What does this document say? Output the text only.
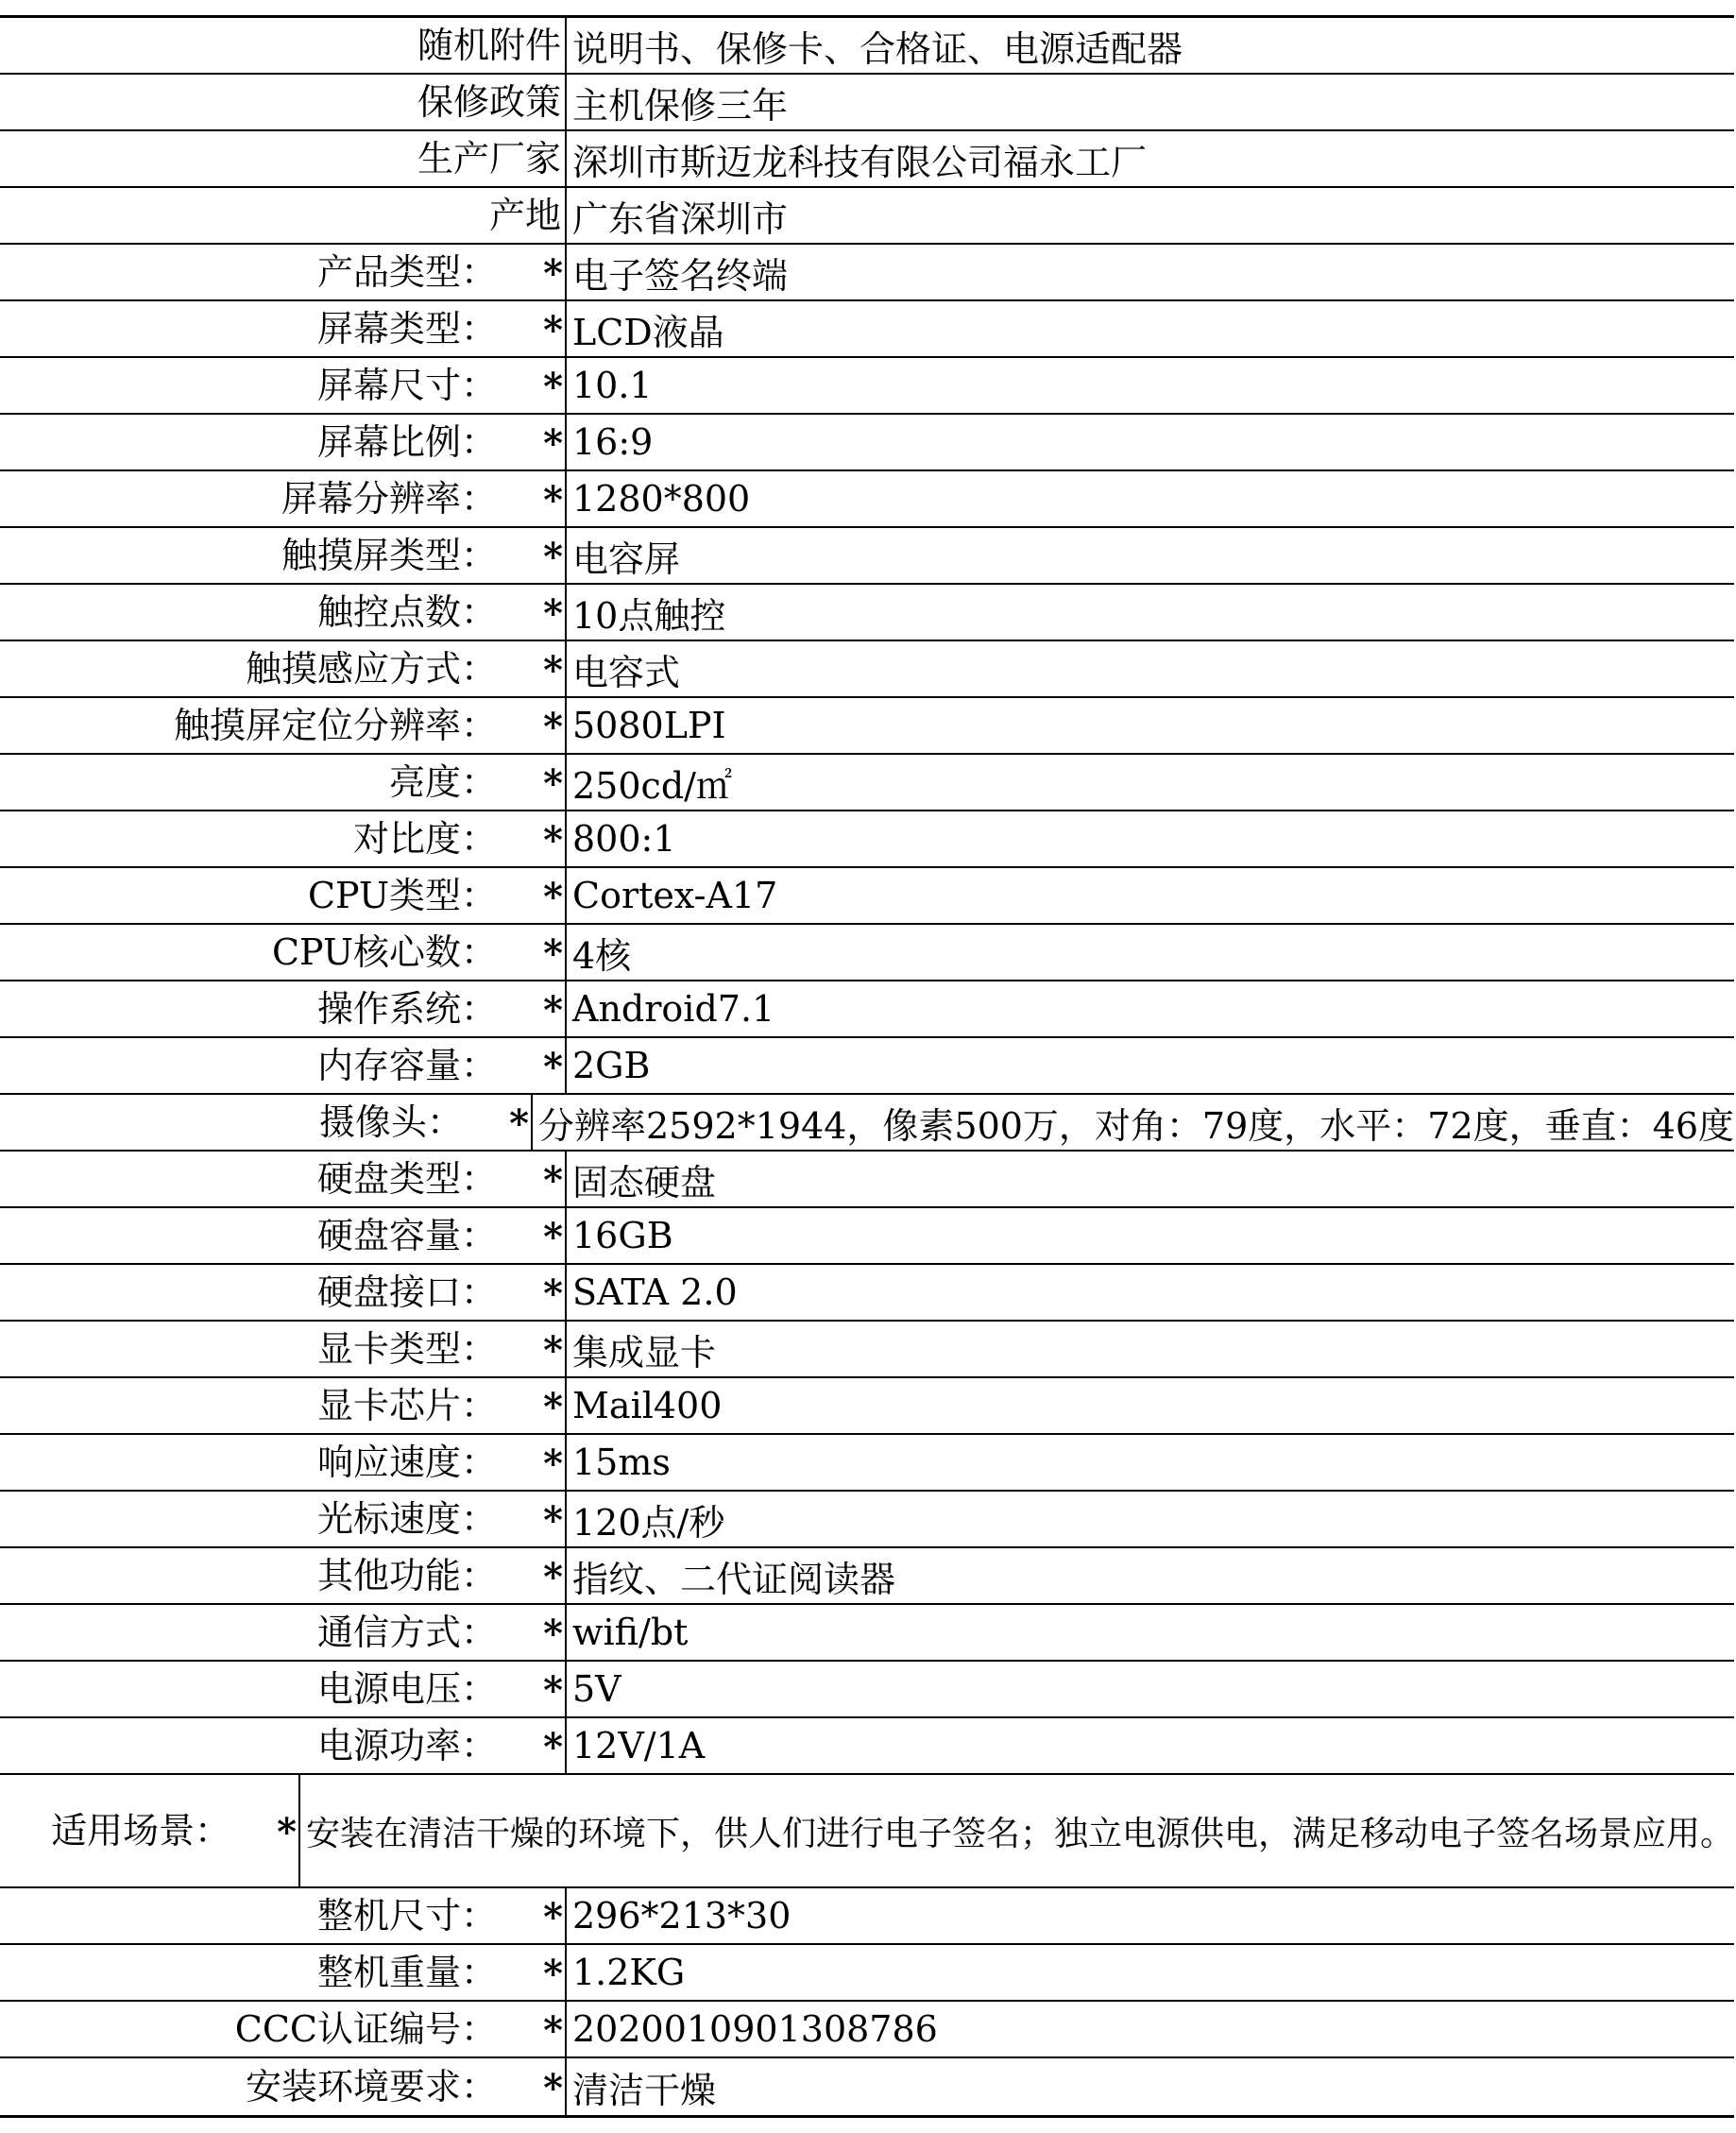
随机附件 说明书、保修卡、合格证、电源适配器
保修政策 主机保修三年
生产厂家 深圳市斯迈龙科技有限公司福永工厂
产地 广东省深圳市
产品类型： * 电子签名终端
屏幕类型： * LCD液晶
屏幕尺寸： * 10.1
屏幕比例： * 16:9
屏幕分辨率： * 1280*800
触摸屏类型： * 电容屏
触控点数： * 10点触控
触摸感应方式： * 电容式
触摸屏定位分辨率： * 5080LPI
亮度： * 250cd/㎡
对比度： * 800:1
CPU类型： * Cortex-A17
CPU核心数： * 4核
操作系统： * Android7.1
内存容量： * 2GB
摄像头： * 分辨率2592*1944，像素500万，对角：79度，水平：72度，垂直：46度
硬盘类型： * 固态硬盘
硬盘容量： * 16GB
硬盘接口： * SATA 2.0
显卡类型： * 集成显卡
显卡芯片： * Mail400
响应速度： * 15ms
光标速度： * 120点/秒
其他功能： * 指纹、二代证阅读器
通信方式： * wifi/bt
电源电压： * 5V
电源功率： * 12V/1A
适用场景： * 安装在清洁干燥的环境下，供人们进行电子签名；独立电源供电，满足移动电子签名场景应用。
整机尺寸： * 296*213*30
整机重量： * 1.2KG
CCC认证编号： * 2020010901308786
安装环境要求： * 清洁干燥
